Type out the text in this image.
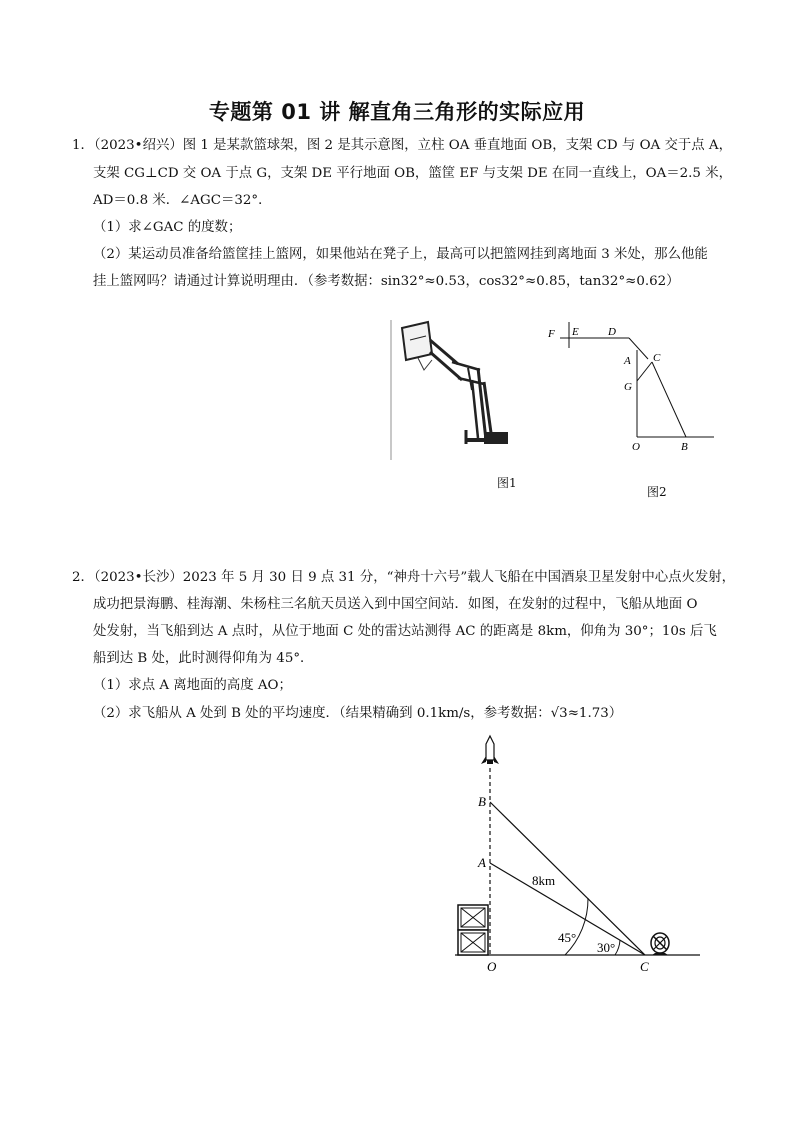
专题第 01 讲 解直角三角形的实际应用
1．（2023•绍兴）图 1 是某款篮球架，图 2 是其示意图，立柱 OA 垂直地面 OB，支架 CD 与 OA 交于点 A，
支架 CG⊥CD 交 OA 于点 G，支架 DE 平行地面 OB，篮筐 EF 与支架 DE 在同一直线上，OA＝2.5 米，
AD＝0.8 米．∠AGC＝32°．
（1）求∠GAC 的度数；
（2）某运动员准备给篮筐挂上篮网，如果他站在凳子上，最高可以把篮网挂到离地面 3 米处，那么他能
挂上篮网吗？请通过计算说明理由．（参考数据：sin32°≈0.53，cos32°≈0.85，tan32°≈0.62）
图1
F E	D
A C
G
O	B
图2
2．（2023•长沙）2023 年 5 月 30 日 9 点 31 分，“神舟十六号”载人飞船在中国酒泉卫星发射中心点火发射，
成功把景海鹏、桂海潮、朱杨柱三名航天员送入到中国空间站．如图，在发射的过程中，飞船从地面 O
处发射，当飞船到达 A 点时，从位于地面 C 处的雷达站测得 AC 的距离是 8km，仰角为 30°；10s 后飞
船到达 B 处，此时测得仰角为 45°．
（1）求点 A 离地面的高度 AO；
（2）求飞船从 A 处到 B 处的平均速度．（结果精确到 0.1km/s，参考数据：√3≈1.73）
B
A
O	C
8km
45°
30°
